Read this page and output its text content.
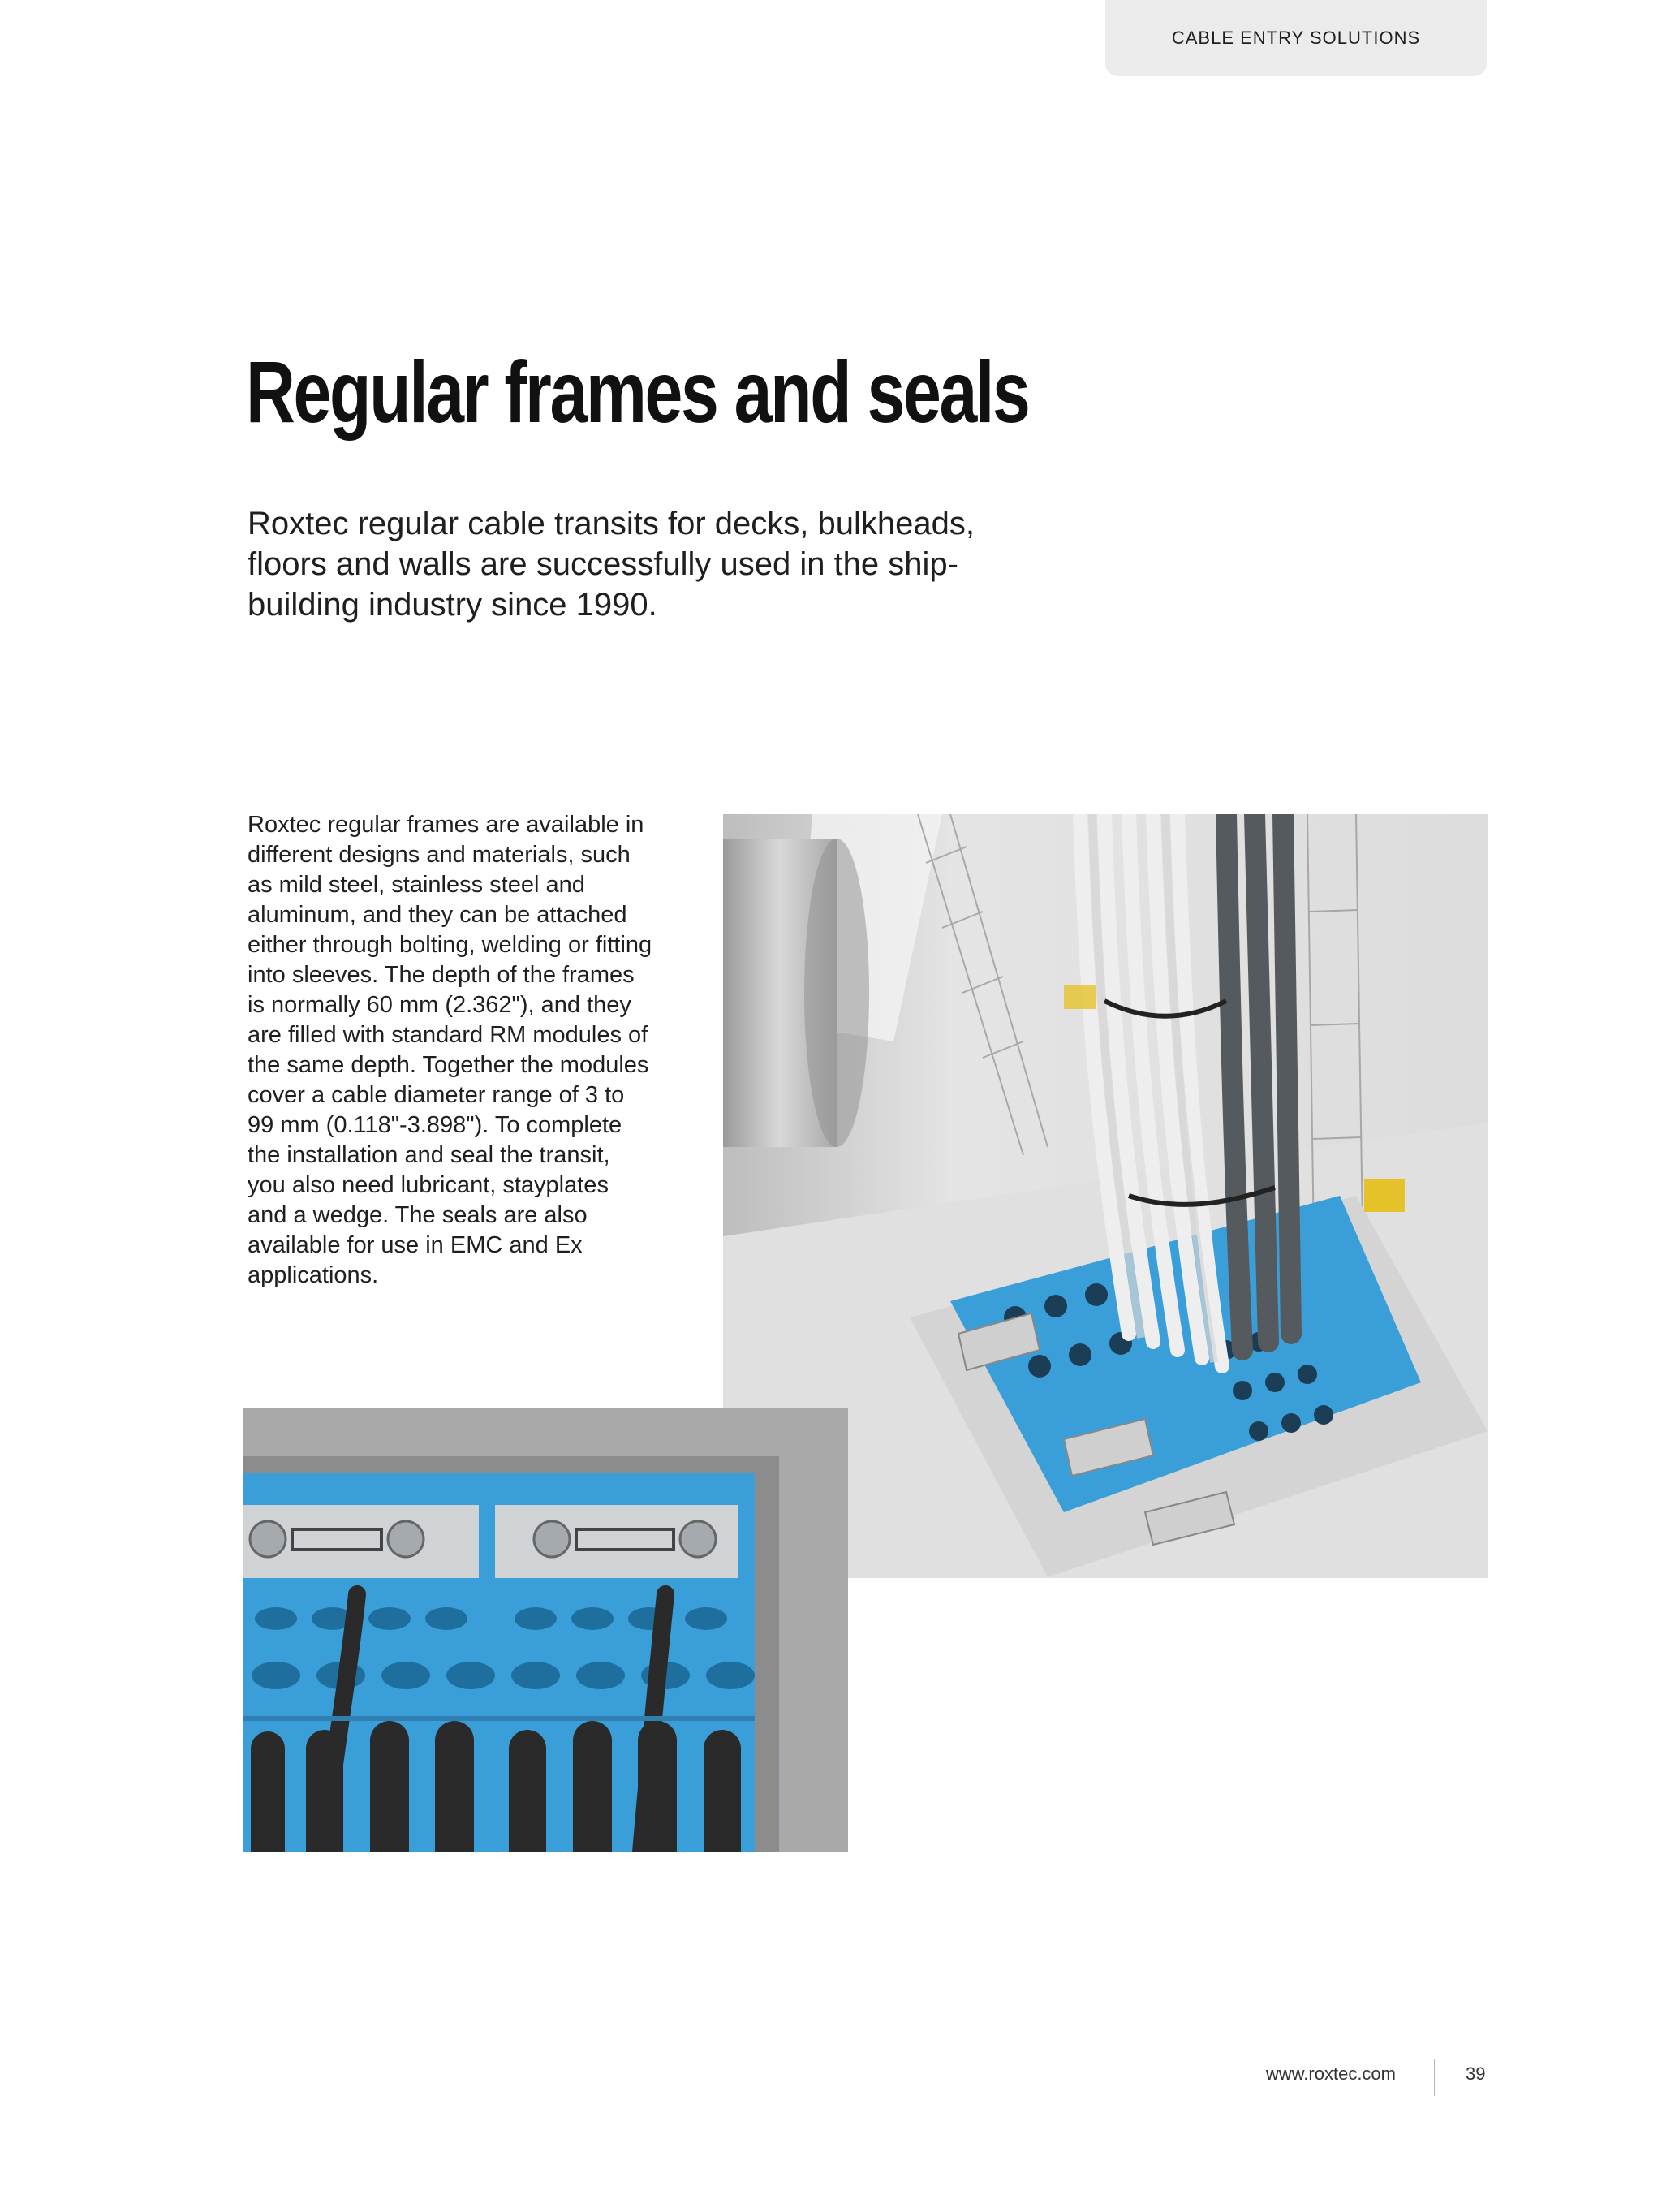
CABLE ENTRY SOLUTIONS
Regular frames and seals

Roxtec regular cable transits for decks, bulkheads, floors and walls are successfully used in the ship-building industry since 1990.

Roxtec regular frames are available in different designs and materials, such as mild steel, stainless steel and aluminum, and they can be attached either through bolting, welding or fitting into sleeves. The depth of the frames is normally 60 mm (2.362"), and they are filled with standard RM modules of the same depth. Together the modules cover a cable diameter range of 3 to 99 mm (0.118"-3.898"). To complete the installation and seal the transit, you also need lubricant, stayplates and a wedge. The seals are also available for use in EMC and Ex applications.

www.roxtec.com	39
